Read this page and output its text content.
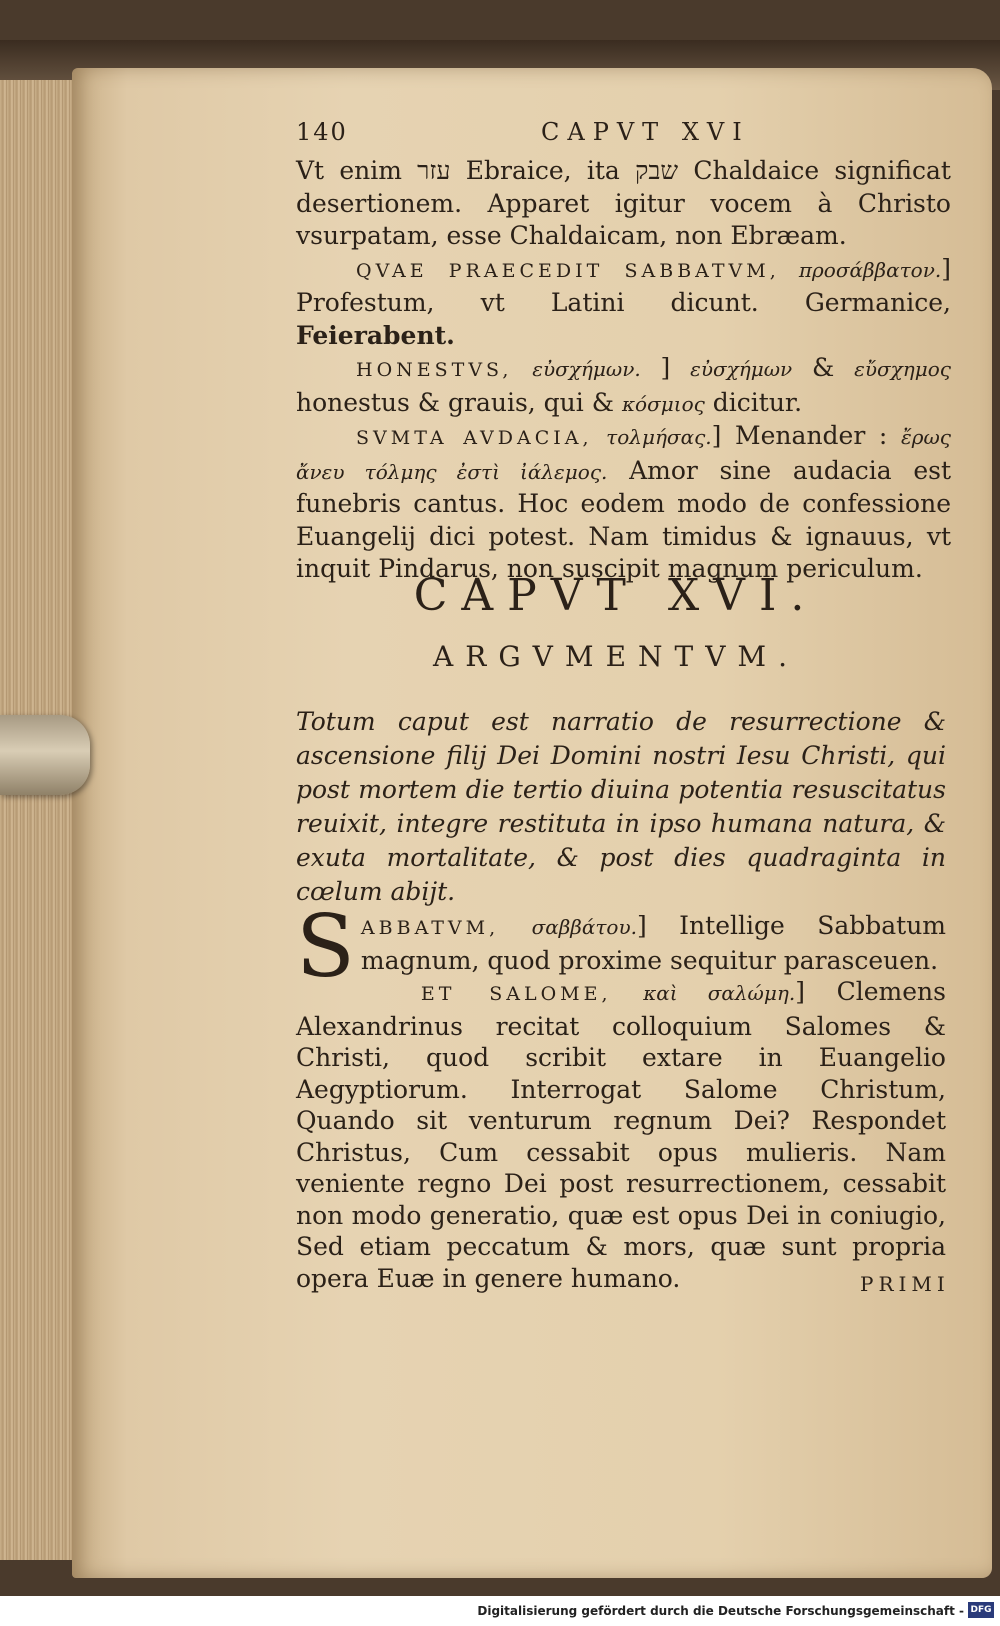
140	CAPVT XVI

Vt enim עזר Ebraice, ita שבק Chaldaice significat desertionem. Apparet igitur vocem à Christo vsurpatam, esse Chaldaicam, non Ebræam.

QVAE PRAECEDIT SABBATVM, προσάββατον.] Profestum, vt Latini dicunt. Germanice, Feierabent.

HONESTVS, εὐσχήμων. ] εὐσχήμων & εὔσχημος honestus & grauis, qui & κόσμιος dicitur.

SVMTA AVDACIA, τολμήσας.] Menander : ἔρως ἄνευ τόλμης ἐστὶ ἰάλεμος. Amor sine audacia est funebris cantus. Hoc eodem modo de confessione Euangelij dici potest. Nam timidus & ignauus, vt inquit Pindarus, non suscipit magnum periculum.

CAPVT XVI.
ARGVMENTVM.
Totum caput est narratio de resurrectione & ascensione filij Dei Domini nostri Iesu Christi, qui post mortem die tertio diuina potentia resuscitatus reuixit, integre restituta in ipso humana natura, & exuta mortalitate, & post dies quadraginta in cœlum abijt.

S ABBATVM, σαββάτου.] Intellige Sabbatum magnum, quod proxime sequitur parasceuen.

ET SALOME, καὶ σαλώμη.] Clemens Alexandrinus recitat colloquium Salomes & Christi, quod scribit extare in Euangelio Aegyptiorum. Interrogat Salome Christum, Quando sit venturum regnum Dei? Respondet Christus, Cum cessabit opus mulieris. Nam veniente regno Dei post resurrectionem, cessabit non modo generatio, quæ est opus Dei in coniugio, Sed etiam peccatum & mors, quæ sunt propria opera Euæ in genere humano.	PRIMI
Digitalisierung gefördert durch die Deutsche Forschungsgemeinschaft - DFG
